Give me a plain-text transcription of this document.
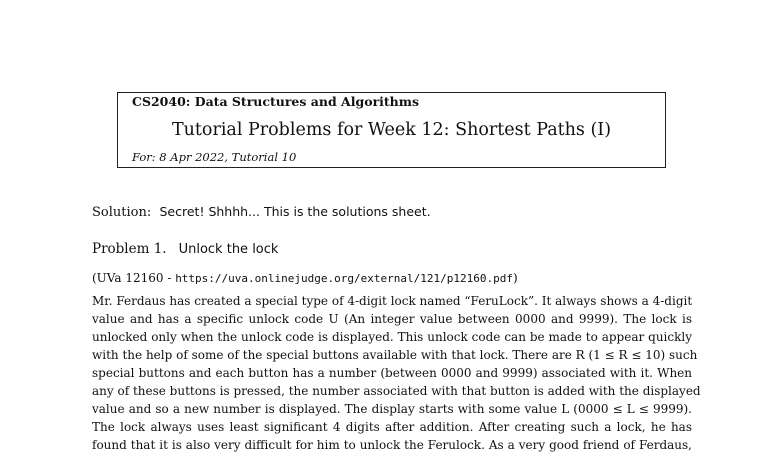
CS2040: Data Structures and Algorithms
Tutorial Problems for Week 12: Shortest Paths (I)
For: 8 Apr 2022, Tutorial 10
Solution: Secret! Shhhh... This is the solutions sheet.
Problem 1. Unlock the lock
(UVa 12160 - https://uva.onlinejudge.org/external/121/p12160.pdf)
Mr. Ferdaus has created a special type of 4-digit lock named “FeruLock”. It always shows a 4-digit
value and has a specific unlock code U (An integer value between 0000 and 9999). The lock is
unlocked only when the unlock code is displayed. This unlock code can be made to appear quickly
with the help of some of the special buttons available with that lock. There are R (1 ≤ R ≤ 10) such
special buttons and each button has a number (between 0000 and 9999) associated with it. When
any of these buttons is pressed, the number associated with that button is added with the displayed
value and so a new number is displayed. The display starts with some value L (0000 ≤ L ≤ 9999).
The lock always uses least significant 4 digits after addition. After creating such a lock, he has
found that it is also very difficult for him to unlock the Ferulock. As a very good friend of Ferdaus,
